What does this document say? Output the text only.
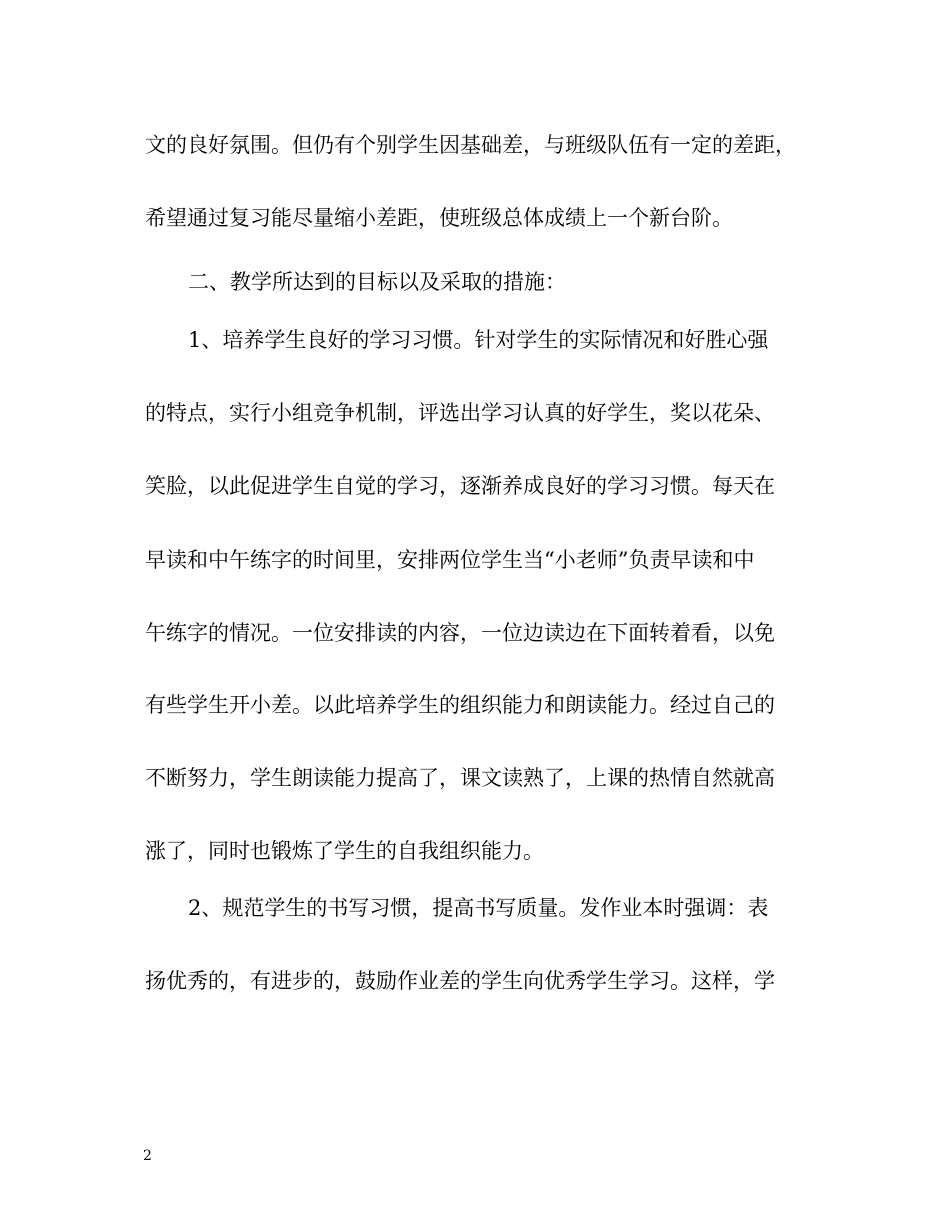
文的良好氛围。但仍有个别学生因基础差，与班级队伍有一定的差距，
希望通过复习能尽量缩小差距，使班级总体成绩上一个新台阶。
二、教学所达到的目标以及采取的措施：
1、培养学生良好的学习习惯。针对学生的实际情况和好胜心强
的特点，实行小组竞争机制，评选出学习认真的好学生，奖以花朵、
笑脸，以此促进学生自觉的学习，逐渐养成良好的学习习惯。每天在
早读和中午练字的时间里，安排两位学生当“小老师”负责早读和中
午练字的情况。一位安排读的内容，一位边读边在下面转着看，以免
有些学生开小差。以此培养学生的组织能力和朗读能力。经过自己的
不断努力，学生朗读能力提高了，课文读熟了，上课的热情自然就高
涨了，同时也锻炼了学生的自我组织能力。
2、规范学生的书写习惯，提高书写质量。发作业本时强调：表
扬优秀的，有进步的，鼓励作业差的学生向优秀学生学习。这样，学
2
